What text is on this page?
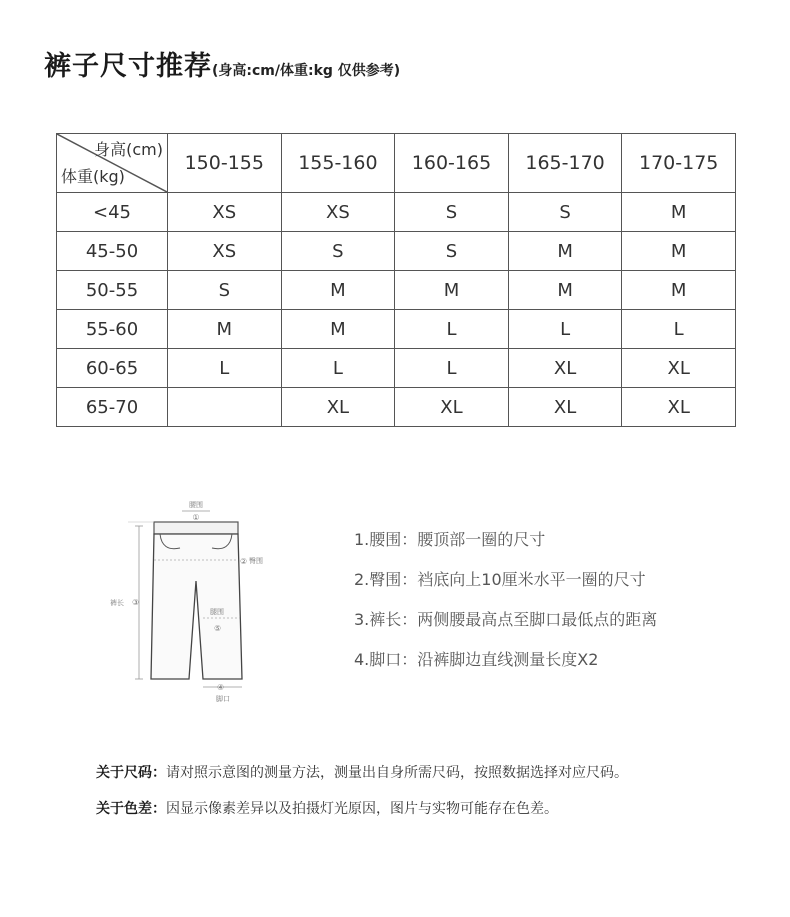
裤子尺寸推荐(身高:cm/体重:kg 仅供参考)
身高(cm)
体重(kg)	150-155	155-160	160-165	165-170	170-175
<45	XS	XS	S	S	M
45-50	XS	S	S	M	M
50-55	S	M	M	M	M
55-60	M	M	L	L	L
60-65	L	L	L	XL	XL
65-70		XL	XL	XL	XL
腰围
①
② 臀围
裤长 ③
腿围
⑤
④
脚口
1.腰围：腰顶部一圈的尺寸
2.臀围：裆底向上10厘米水平一圈的尺寸
3.裤长：两侧腰最高点至脚口最低点的距离
4.脚口：沿裤脚边直线测量长度X2
关于尺码：请对照示意图的测量方法，测量出自身所需尺码，按照数据选择对应尺码。
关于色差：因显示像素差异以及拍摄灯光原因，图片与实物可能存在色差。
